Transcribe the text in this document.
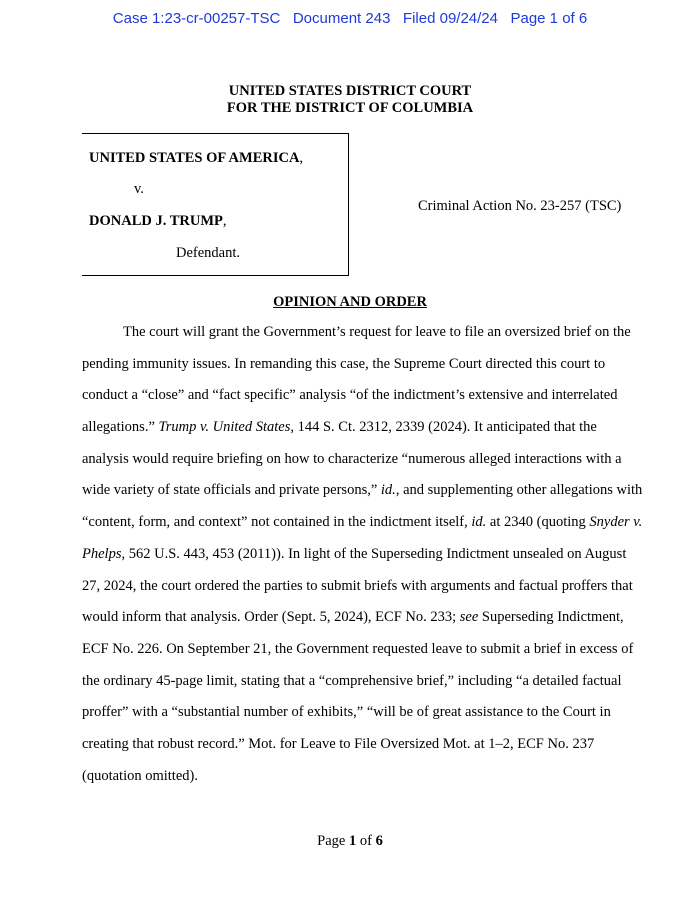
Case 1:23-cr-00257-TSC   Document 243   Filed 09/24/24   Page 1 of 6
UNITED STATES DISTRICT COURT
FOR THE DISTRICT OF COLUMBIA
UNITED STATES OF AMERICA,
v.
DONALD J. TRUMP,
Defendant.
Criminal Action No. 23-257 (TSC)
OPINION AND ORDER
The court will grant the Government’s request for leave to file an oversized brief on the
pending immunity issues. In remanding this case, the Supreme Court directed this court to
conduct a “close” and “fact specific” analysis “of the indictment’s extensive and interrelated
allegations.” Trump v. United States, 144 S. Ct. 2312, 2339 (2024). It anticipated that the
analysis would require briefing on how to characterize “numerous alleged interactions with a
wide variety of state officials and private persons,” id., and supplementing other allegations with
“content, form, and context” not contained in the indictment itself, id. at 2340 (quoting Snyder v.
Phelps, 562 U.S. 443, 453 (2011)). In light of the Superseding Indictment unsealed on August
27, 2024, the court ordered the parties to submit briefs with arguments and factual proffers that
would inform that analysis. Order (Sept. 5, 2024), ECF No. 233; see Superseding Indictment,
ECF No. 226. On September 21, the Government requested leave to submit a brief in excess of
the ordinary 45-page limit, stating that a “comprehensive brief,” including “a detailed factual
proffer” with a “substantial number of exhibits,” “will be of great assistance to the Court in
creating that robust record.” Mot. for Leave to File Oversized Mot. at 1–2, ECF No. 237
(quotation omitted).
Page 1 of 6
